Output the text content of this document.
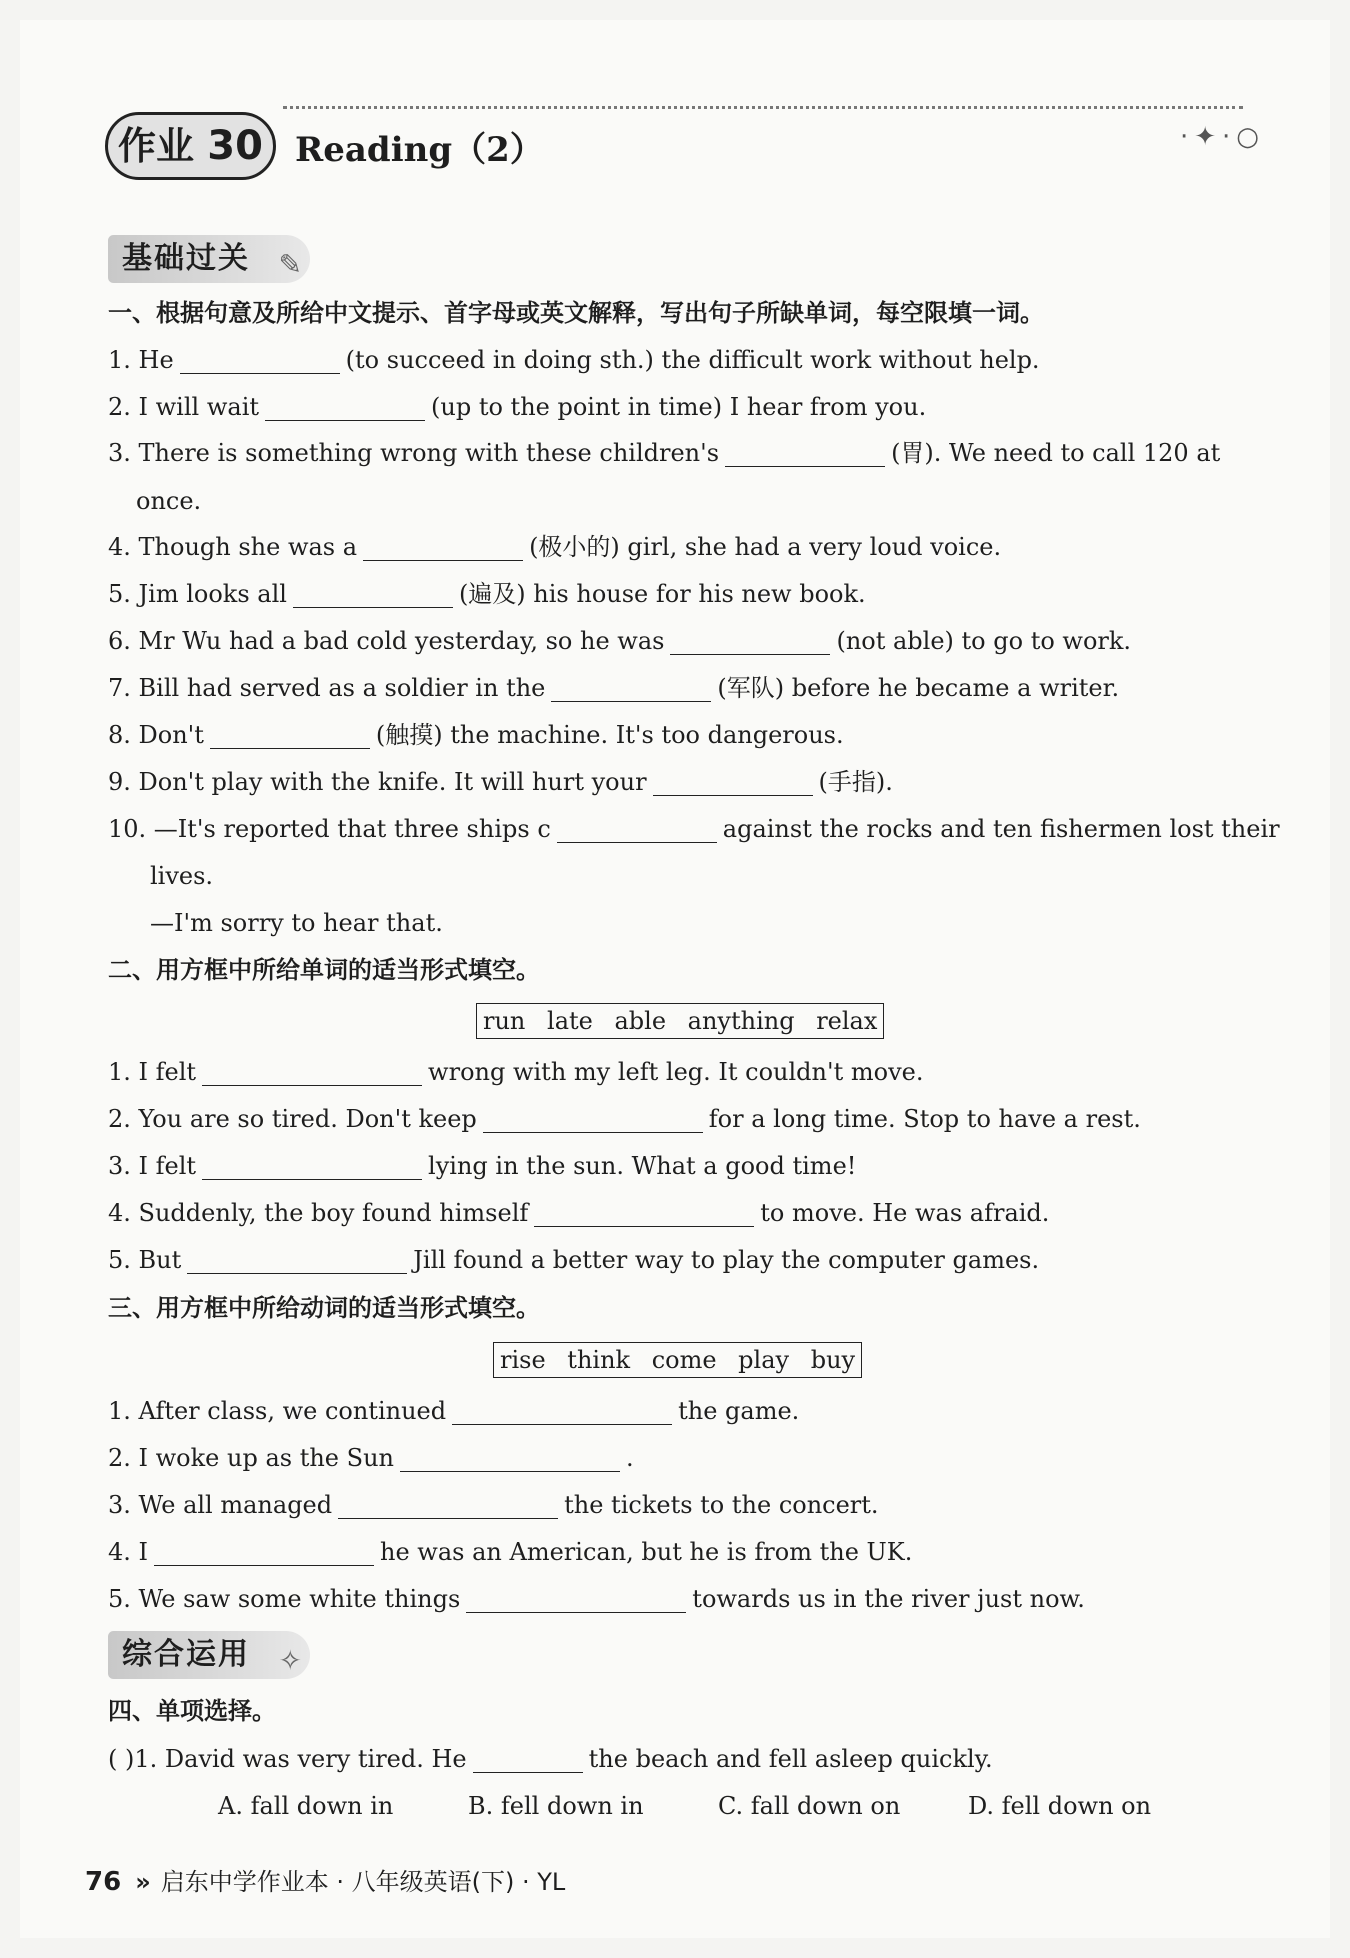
作业 30 Reading（2）	·✦·○
基础过关 ✎
一、根据句意及所给中文提示、首字母或英文解释，写出句子所缺单词，每空限填一词。
1. He	(to succeed in doing sth.) the difficult work without help.
2. I will wait	(up to the point in time) I hear from you.
3. There is something wrong with these children's	(胃). We need to call 120 at
once.
4. Though she was a	(极小的) girl, she had a very loud voice.
5. Jim looks all	(遍及) his house for his new book.
6. Mr Wu had a bad cold yesterday, so he was	(not able) to go to work.
7. Bill had served as a soldier in the	(军队) before he became a writer.
8. Don't	(触摸) the machine. It's too dangerous.
9. Don't play with the knife. It will hurt your	(手指).
10. —It's reported that three ships c	against the rocks and ten fishermen lost their
lives.
—I'm sorry to hear that.
二、用方框中所给单词的适当形式填空。
run late able anything relax
1. I felt	wrong with my left leg. It couldn't move.
2. You are so tired. Don't keep	for a long time. Stop to have a rest.
3. I felt	lying in the sun. What a good time!
4. Suddenly, the boy found himself	to move. He was afraid.
5. But	Jill found a better way to play the computer games.
三、用方框中所给动词的适当形式填空。
rise think come play buy
1. After class, we continued	the game.
2. I woke up as the Sun	.
3. We all managed	the tickets to the concert.
4. I	he was an American, but he is from the UK.
5. We saw some white things	towards us in the river just now.
综合运用 ✧
四、单项选择。
( )1. David was very tired. He	the beach and fell asleep quickly.
A. fall down in	B. fell down in	C. fall down on	D. fell down on
76 » 启东中学作业本 · 八年级英语(下) · YL
